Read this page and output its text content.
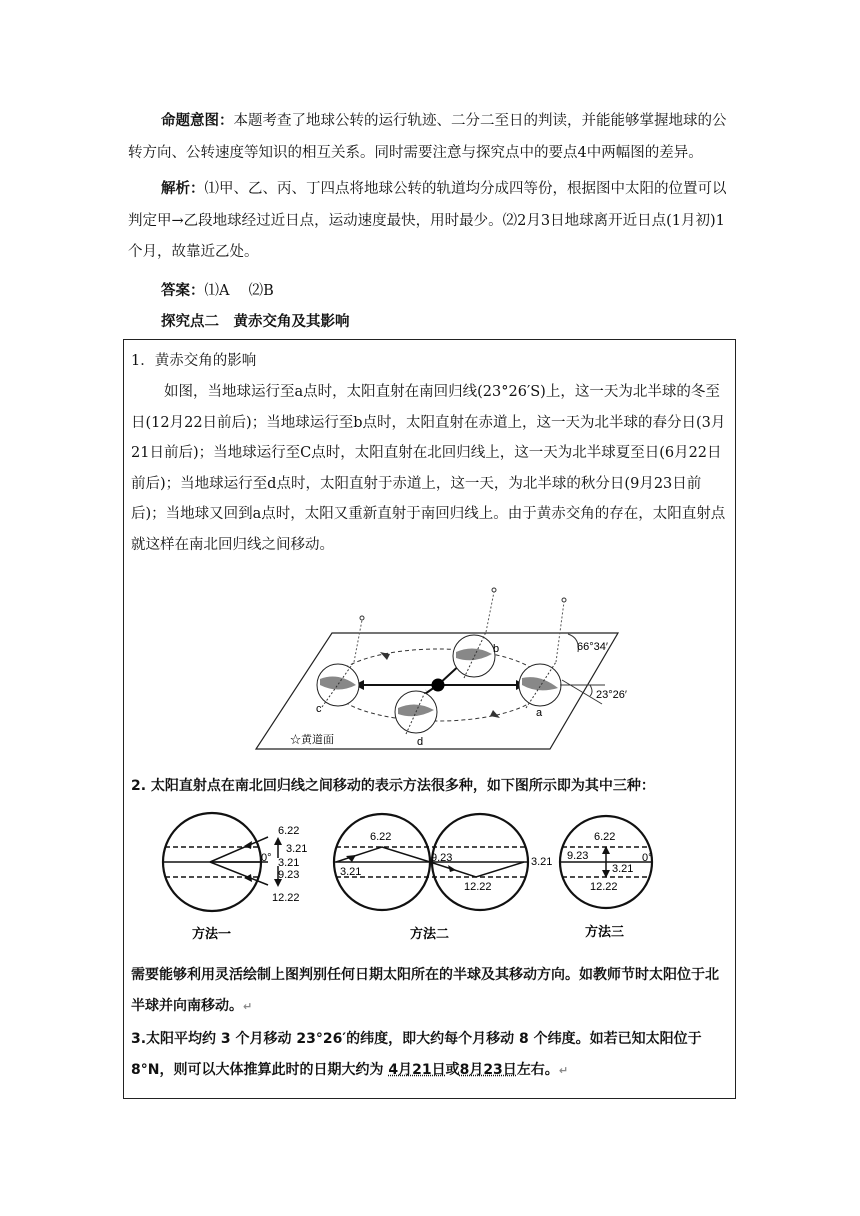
命题意图：本题考查了地球公转的运行轨迹、二分二至日的判读，并能能够掌握地球的公转方向、公转速度等知识的相互关系。同时需要注意与探究点中的要点4中两幅图的差异。
解析：⑴甲、乙、丙、丁四点将地球公转的轨道均分成四等份，根据图中太阳的位置可以判定甲→乙段地球经过近日点，运动速度最快，用时最少。⑵2月3日地球离开近日点(1月初)1个月，故靠近乙处。
答案：⑴A　 ⑵B
探究点二　黄赤交角及其影响
1．黄赤交角的影响
如图，当地球运行至a点时，太阳直射在南回归线(23°26′S)上，这一天为北半球的冬至日(12月22日前后)；当地球运行至b点时，太阳直射在赤道上，这一天为北半球的春分日(3月21日前后)；当地球运行至C点时，太阳直射在北回归线上，这一天为北半球夏至日(6月22日前后)；当地球运行至d点时，太阳直射于赤道上，这一天，为北半球的秋分日(9月23日前后)；当地球又回到a点时，太阳又重新直射于南回归线上。由于黄赤交角的存在，太阳直射点就这样在南北回归线之间移动。
66°34′
23°26′
b
a
c
d
☆黄道面
2. 太阳直射点在南北回归线之间移动的表示方法很多种，如下图所示即为其中三种：
6.22
3.21
0° 3.21
9.23
12.22
方法一
6.22
3.21
9.23
12.22
3.21
方法二
6.22
9.23
3.21
0°
12.22
方法三
需要能够利用灵活绘制上图判别任何日期太阳所在的半球及其移动方向。如教师节时太阳位于北半球并向南移动。↵
3.太阳平均约 3 个月移动 23°26′的纬度，即大约每个月移动 8 个纬度。如若已知太阳位于 8°N，则可以大体推算此时的日期大约为 4月21日或8月23日左右。↵
